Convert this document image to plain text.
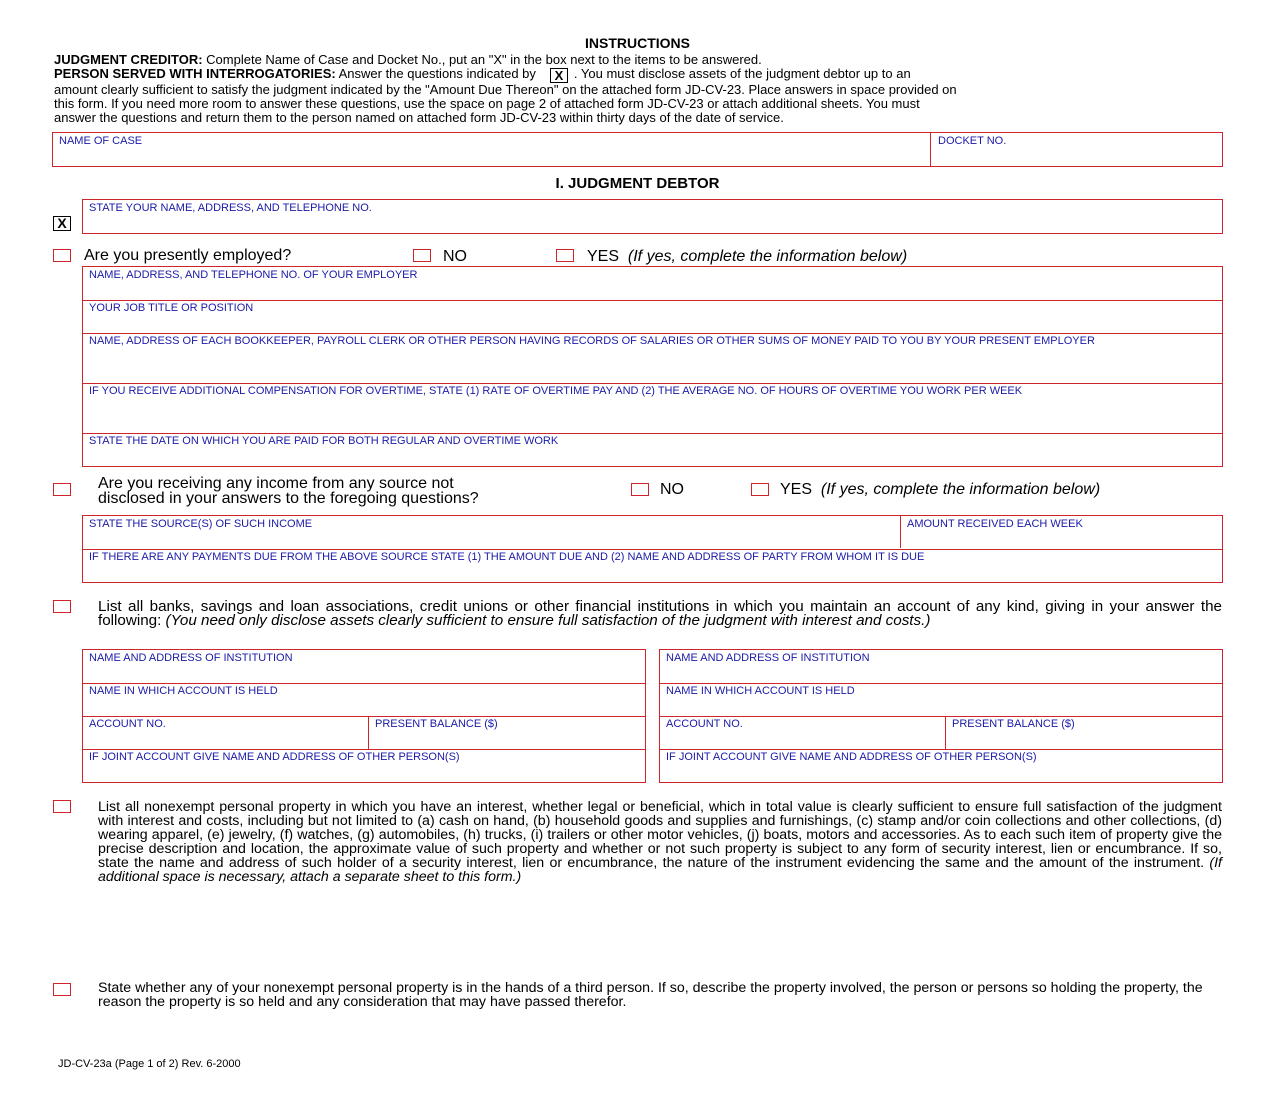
INSTRUCTIONS
JUDGMENT CREDITOR: Complete Name of Case and Docket No., put an "X" in the box next to the items to be answered.
PERSON SERVED WITH INTERROGATORIES: Answer the questions indicated by X . You must disclose assets of the judgment debtor up to an
amount clearly sufficient to satisfy the judgment indicated by the "Amount Due Thereon" on the attached form JD-CV-23. Place answers in space provided on
this form. If you need more room to answer these questions, use the space on page 2 of attached form JD-CV-23 or attach additional sheets. You must
answer the questions and return them to the person named on attached form JD-CV-23 within thirty days of the date of service.
NAME OF CASE	DOCKET NO.
I. JUDGMENT DEBTOR
X
STATE YOUR NAME, ADDRESS, AND TELEPHONE NO.
Are you presently employed?	NO	YES (If yes, complete the information below)
NAME, ADDRESS, AND TELEPHONE NO. OF YOUR EMPLOYER
YOUR JOB TITLE OR POSITION
NAME, ADDRESS OF EACH BOOKKEEPER, PAYROLL CLERK OR OTHER PERSON HAVING RECORDS OF SALARIES OR OTHER SUMS OF MONEY PAID TO YOU BY YOUR PRESENT EMPLOYER
IF YOU RECEIVE ADDITIONAL COMPENSATION FOR OVERTIME, STATE (1) RATE OF OVERTIME PAY AND (2) THE AVERAGE NO. OF HOURS OF OVERTIME YOU WORK PER WEEK
STATE THE DATE ON WHICH YOU ARE PAID FOR BOTH REGULAR AND OVERTIME WORK
Are you receiving any income from any source not
disclosed in your answers to the foregoing questions?
NO	YES (If yes, complete the information below)
STATE THE SOURCE(S) OF SUCH INCOME	AMOUNT RECEIVED EACH WEEK
IF THERE ARE ANY PAYMENTS DUE FROM THE ABOVE SOURCE STATE (1) THE AMOUNT DUE AND (2) NAME AND ADDRESS OF PARTY FROM WHOM IT IS DUE
List all banks, savings and loan associations, credit unions or other financial institutions in which you maintain an account of any kind, giving in your answer the following: (You need only disclose assets clearly sufficient to ensure full satisfaction of the judgment with interest and costs.)
NAME AND ADDRESS OF INSTITUTION
NAME IN WHICH ACCOUNT IS HELD
ACCOUNT NO.	PRESENT BALANCE ($)
IF JOINT ACCOUNT GIVE NAME AND ADDRESS OF OTHER PERSON(S)
NAME AND ADDRESS OF INSTITUTION
NAME IN WHICH ACCOUNT IS HELD
ACCOUNT NO.	PRESENT BALANCE ($)
IF JOINT ACCOUNT GIVE NAME AND ADDRESS OF OTHER PERSON(S)
List all nonexempt personal property in which you have an interest, whether legal or beneficial, which in total value is clearly sufficient to ensure full satisfaction of the judgment with interest and costs, including but not limited to (a) cash on hand, (b) household goods and supplies and furnishings, (c) stamp and/or coin collections and other collections, (d) wearing apparel, (e) jewelry, (f) watches, (g) automobiles, (h) trucks, (i) trailers or other motor vehicles, (j) boats, motors and accessories. As to each such item of property give the precise description and location, the approximate value of such property and whether or not such property is subject to any form of security interest, lien or encumbrance. If so, state the name and address of such holder of a security interest, lien or encumbrance, the nature of the instrument evidencing the same and the amount of the instrument. (If additional space is necessary, attach a separate sheet to this form.)
State whether any of your nonexempt personal property is in the hands of a third person. If so, describe the property involved, the person or persons so holding the property, the reason the property is so held and any consideration that may have passed therefor.
JD-CV-23a (Page 1 of 2) Rev. 6-2000
